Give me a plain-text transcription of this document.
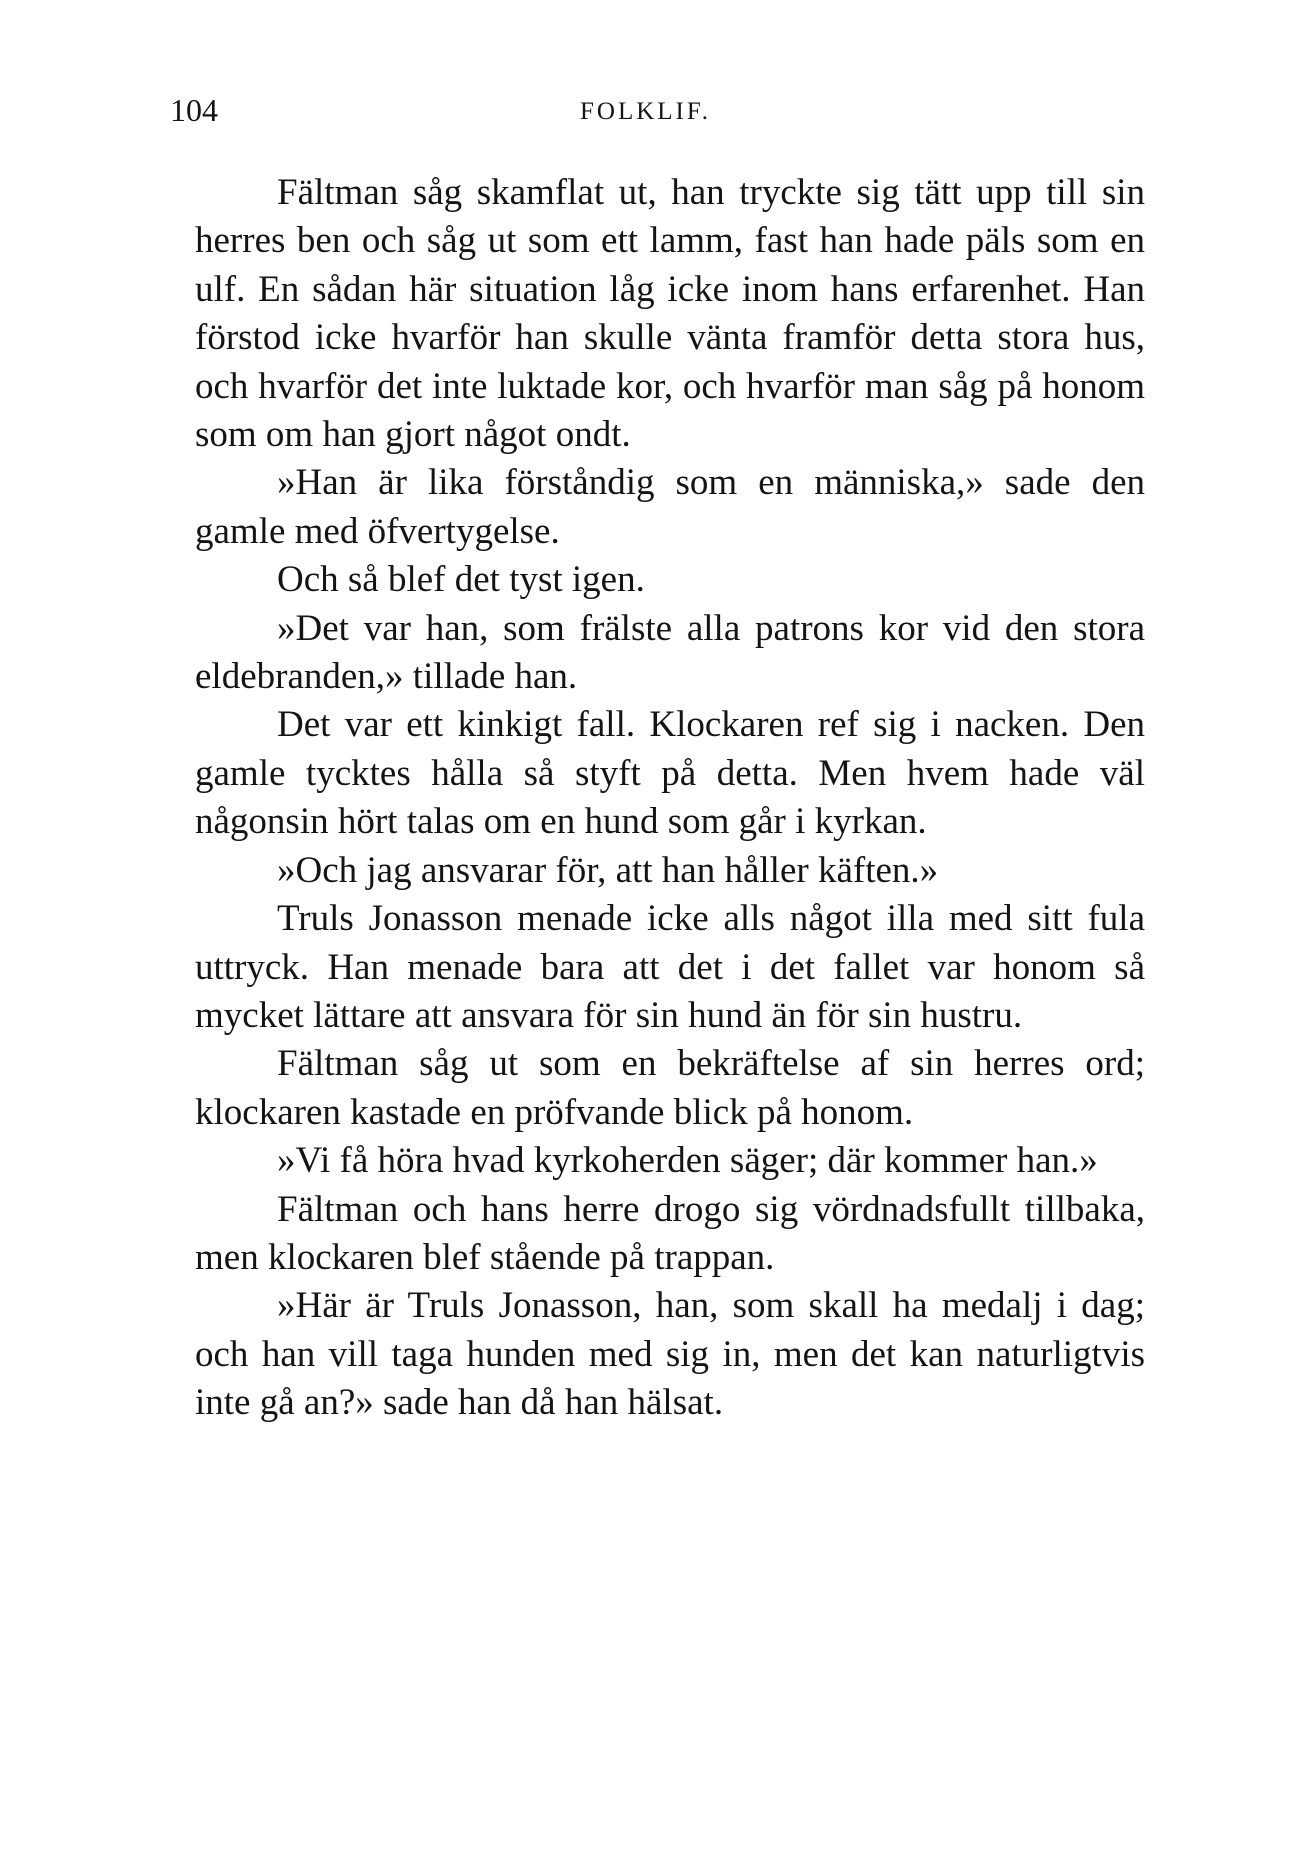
104	FOLKLIF.

Fältman såg skamflat ut, han tryckte sig tätt upp till sin herres ben och såg ut som ett lamm, fast han hade päls som en ulf. En sådan här situation låg icke inom hans erfarenhet. Han förstod icke hvarför han skulle vänta framför detta stora hus, och hvarför det inte luktade kor, och hvarför man såg på honom som om han gjort något ondt.

»Han är lika förståndig som en människa,» sade den gamle med öfvertygelse.

Och så blef det tyst igen.

»Det var han, som frälste alla patrons kor vid den stora eldebranden,» tillade han.

Det var ett kinkigt fall. Klockaren ref sig i nacken. Den gamle tycktes hålla så styft på detta. Men hvem hade väl någonsin hört talas om en hund som går i kyrkan.

»Och jag ansvarar för, att han håller käften.»

Truls Jonasson menade icke alls något illa med sitt fula uttryck. Han menade bara att det i det fallet var honom så mycket lättare att ansvara för sin hund än för sin hustru.

Fältman såg ut som en bekräftelse af sin herres ord; klockaren kastade en pröfvande blick på honom.

»Vi få höra hvad kyrkoherden säger; där kommer han.»

Fältman och hans herre drogo sig vördnadsfullt tillbaka, men klockaren blef stående på trappan.

»Här är Truls Jonasson, han, som skall ha medalj i dag; och han vill taga hunden med sig in, men det kan naturligtvis inte gå an?» sade han då han hälsat.
